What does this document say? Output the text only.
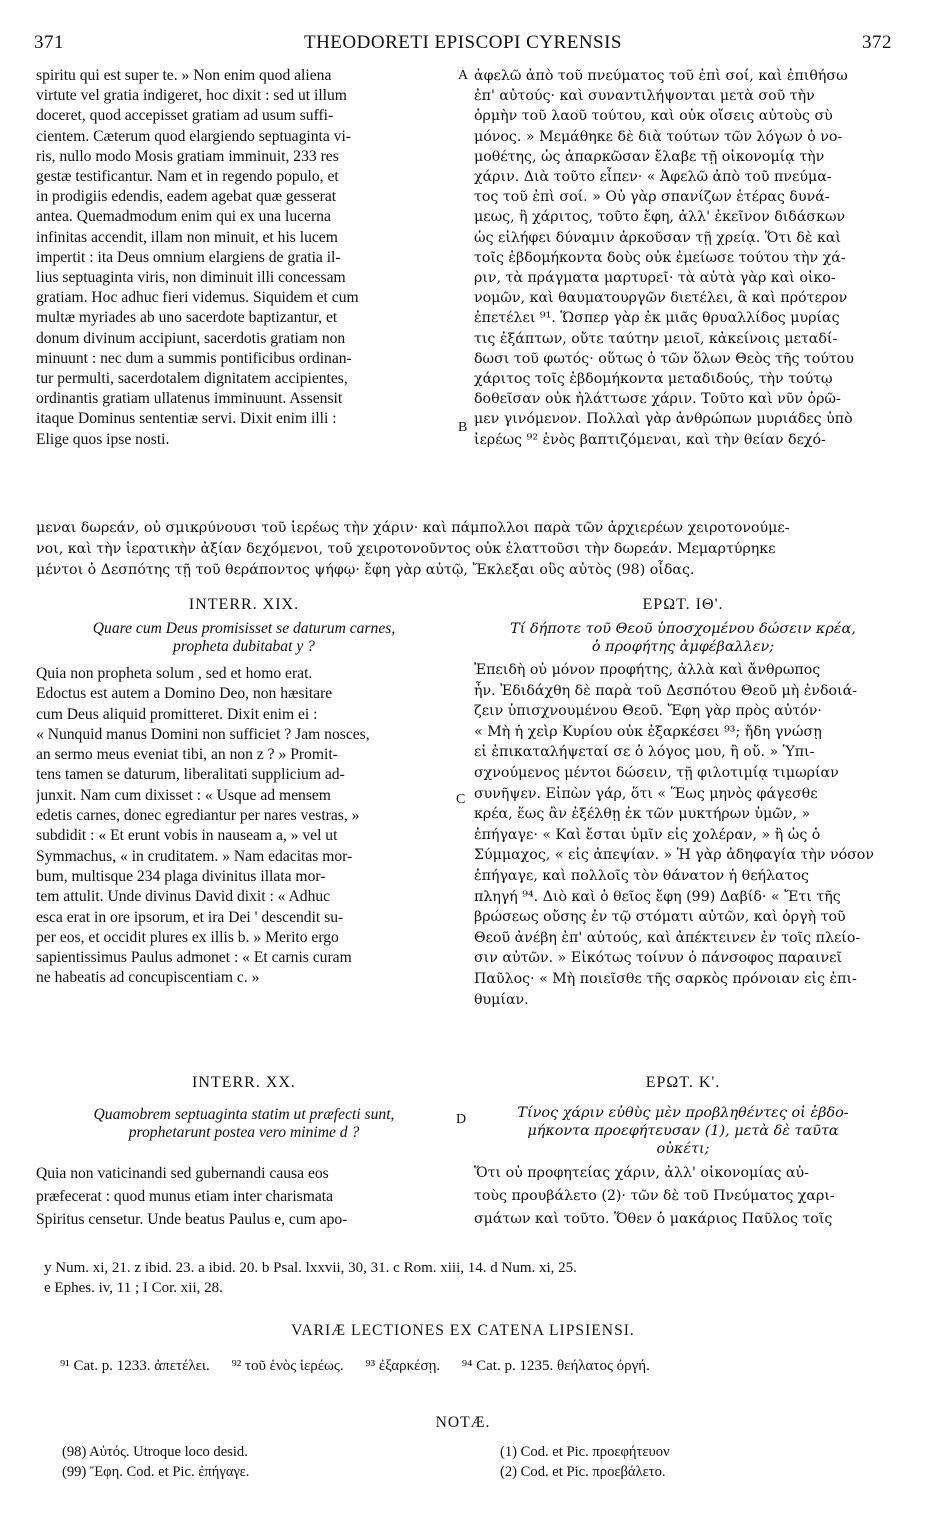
371	THEODORETI EPISCOPI CYRENSIS	372
A
B
C
D
spiritu qui est super te. » Non enim quod aliena
virtute vel gratia indigeret, hoc dixit : sed ut illum
doceret, quod accepisset gratiam ad usum suffi-
cientem. Cæterum quod elargiendo septuaginta vi-
ris, nullo modo Mosis gratiam imminuit, 233 res
gestæ testificantur. Nam et in regendo populo, et
in prodigiis edendis, eadem agebat quæ gesserat
antea. Quemadmodum enim qui ex una lucerna
infinitas accendit, illam non minuit, et his lucem
impertit : ita Deus omnium elargiens de gratia il-
lius septuaginta viris, non diminuit illi concessam
gratiam. Hoc adhuc fieri videmus. Siquidem et cum
multæ myriades ab uno sacerdote baptizantur, et
donum divinum accipiunt, sacerdotis gratiam non
minuunt : nec dum a summis pontificibus ordinan-
tur permulti, sacerdotalem dignitatem accipientes,
ordinantis gratiam ullatenus imminuunt. Assensit
itaque Dominus sententiæ servi. Dixit enim illi :
Elige quos ipse nosti.
ἀφελῶ ἀπὸ τοῦ πνεύματος τοῦ ἐπὶ σοί, καὶ ἐπιθήσω
ἐπ' αὐτούς· καὶ συναντιλήψονται μετὰ σοῦ τὴν
ὁρμὴν τοῦ λαοῦ τούτου, καὶ οὐκ οἴσεις αὐτοὺς σὺ
μόνος. » Μεμάθηκε δὲ διὰ τούτων τῶν λόγων ὁ νο-
μοθέτης, ὡς ἀπαρκῶσαν ἔλαβε τῇ οἰκονομίᾳ τὴν
χάριν. Διὰ τοῦτο εἶπεν· « Ἀφελῶ ἀπὸ τοῦ πνεύμα-
τος τοῦ ἐπὶ σοί. » Οὐ γὰρ σπανίζων ἑτέρας δυνά-
μεως, ἢ χάριτος, τοῦτο ἔφη, ἀλλ' ἐκεῖνον διδάσκων
ὡς εἰλήφει δύναμιν ἀρκοῦσαν τῇ χρείᾳ. Ὅτι δὲ καὶ
τοῖς ἑβδομήκοντα δοὺς οὐκ ἐμείωσε τούτου τὴν χά-
ριν, τὰ πράγματα μαρτυρεῖ· τὰ αὐτὰ γὰρ καὶ οἰκο-
νομῶν, καὶ θαυματουργῶν διετέλει, ἃ καὶ πρότερον
ἐπετέλει ⁹¹. Ὥσπερ γὰρ ἐκ μιᾶς θρυαλλίδος μυρίας
τις ἐξάπτων, οὔτε ταύτην μειοῖ, κἀκείνοις μεταδί-
δωσι τοῦ φωτός· οὕτως ὁ τῶν ὅλων Θεὸς τῆς τούτου
χάριτος τοῖς ἑβδομήκοντα μεταδιδούς, τὴν τούτῳ
δοθεῖσαν οὐκ ἠλάττωσε χάριν. Τοῦτο καὶ νῦν ὁρῶ-
μεν γινόμενον. Πολλαὶ γὰρ ἀνθρώπων μυριάδες ὑπὸ
ἱερέως ⁹² ἑνὸς βαπτιζόμεναι, καὶ τὴν θείαν δεχό-
μεναι δωρεάν, οὐ σμικρύνουσι τοῦ ἱερέως τὴν χάριν· καὶ πάμπολλοι παρὰ τῶν ἀρχιερέων χειροτονούμε-
νοι, καὶ τὴν ἱερατικὴν ἀξίαν δεχόμενοι, τοῦ χειροτονοῦντος οὐκ ἐλαττοῦσι τὴν δωρεάν. Μεμαρτύρηκε
μέντοι ὁ Δεσπότης τῇ τοῦ θεράποντος ψήφῳ· ἔφη γὰρ αὐτῷ, Ἔκλεξαι οὓς αὐτὸς (98) οἶδας.
INTERR. XIX.
Quare cum Deus promisisset se daturum carnes,
propheta dubitabat y ?
Quia non propheta solum , sed et homo erat.
Edoctus est autem a Domino Deo, non hæsitare
cum Deus aliquid promitteret. Dixit enim ei :
« Nunquid manus Domini non sufficiet ? Jam nosces,
an sermo meus eveniat tibi, an non z ? » Promit-
tens tamen se daturum, liberalitati supplicium ad-
junxit. Nam cum dixisset : « Usque ad mensem
edetis carnes, donec egrediantur per nares vestras, »
subdidit : « Et erunt vobis in nauseam a, » vel ut
Symmachus, « in cruditatem. » Nam edacitas mor-
bum, multisque 234 plaga divinitus illata mor-
tem attulit. Unde divinus David dixit : « Adhuc
esca erat in ore ipsorum, et ira Dei ' descendit su-
per eos, et occidit plures ex illis b. » Merito ergo
sapientissimus Paulus admonet : « Et carnis curam
ne habeatis ad concupiscentiam c. »
ΕΡΩΤ. ΙΘ'.
Τί δήποτε τοῦ Θεοῦ ὑποσχομένου δώσειν κρέα,
ὁ προφήτης ἀμφέβαλλεν;
Ἐπειδὴ οὐ μόνον προφήτης, ἀλλὰ καὶ ἄνθρωπος
ἦν. Ἐδιδάχθη δὲ παρὰ τοῦ Δεσπότου Θεοῦ μὴ ἐνδοιά-
ζειν ὑπισχνουμένου Θεοῦ. Ἔφη γὰρ πρὸς αὐτόν·
« Μὴ ἡ χεὶρ Κυρίου οὐκ ἐξαρκέσει ⁹³; ἤδη γνώσῃ
εἰ ἐπικαταλήψεταί σε ὁ λόγος μου, ἢ οὔ. » Ὑπι-
σχνούμενος μέντοι δώσειν, τῇ φιλοτιμίᾳ τιμωρίαν
συνῆψεν. Εἰπὼν γάρ, ὅτι « Ἕως μηνὸς φάγεσθε
κρέα, ἕως ἂν ἐξέλθῃ ἐκ τῶν μυκτήρων ὑμῶν, »
ἐπήγαγε· « Καὶ ἔσται ὑμῖν εἰς χολέραν, » ἢ ὡς ὁ
Σύμμαχος, « εἰς ἀπεψίαν. » Ἡ γὰρ ἀδηφαγία τὴν νόσον
ἐπήγαγε, καὶ πολλοῖς τὸν θάνατον ἡ θεήλατος
πληγή ⁹⁴. Διὸ καὶ ὁ θεῖος ἔφη (99) Δαβίδ· « Ἔτι τῆς
βρώσεως οὔσης ἐν τῷ στόματι αὐτῶν, καὶ ὀργὴ τοῦ
Θεοῦ ἀνέβη ἐπ' αὐτούς, καὶ ἀπέκτεινεν ἐν τοῖς πλείο-
σιν αὐτῶν. » Εἰκότως τοίνυν ὁ πάνσοφος παραινεῖ
Παῦλος· « Μὴ ποιεῖσθε τῆς σαρκὸς πρόνοιαν εἰς ἐπι-
θυμίαν.
INTERR. XX.
Quamobrem septuaginta statim ut præfecti sunt,
prophetarunt postea vero minime d ?
Quia non vaticinandi sed gubernandi causa eos
præfecerat : quod munus etiam inter charismata
Spiritus censetur. Unde beatus Paulus e, cum apo-
ΕΡΩΤ. Κ'.
Τίνος χάριν εὐθὺς μὲν προβληθέντες οἱ ἑβδο-
μήκοντα προεφήτευσαν (1), μετὰ δὲ ταῦτα
οὐκέτι;
Ὅτι οὐ προφητείας χάριν, ἀλλ' οἰκονομίας αὐ-
τοὺς προυβάλετο (2)· τῶν δὲ τοῦ Πνεύματος χαρι-
σμάτων καὶ τοῦτο. Ὅθεν ὁ μακάριος Παῦλος τοῖς
y Num. xi, 21. z ibid. 23. a ibid. 20. b Psal. lxxvii, 30, 31. c Rom. xiii, 14. d Num. xi, 25.
e Ephes. iv, 11 ; I Cor. xii, 28.
VARIÆ LECTIONES EX CATENA LIPSIENSI.
⁹¹ Cat. p. 1233. ἀπετέλει. ⁹² τοῦ ἑνὸς ἱερέως. ⁹³ ἐξαρκέσῃ. ⁹⁴ Cat. p. 1235. θεήλατος ὀργή.
NOTÆ.
(98) Αὐτός. Utroque loco desid.
(99) Ἔφη. Cod. et Pic. ἐπήγαγε.
(1) Cod. et Pic. προεφήτευον
(2) Cod. et Pic. προεβάλετο.
